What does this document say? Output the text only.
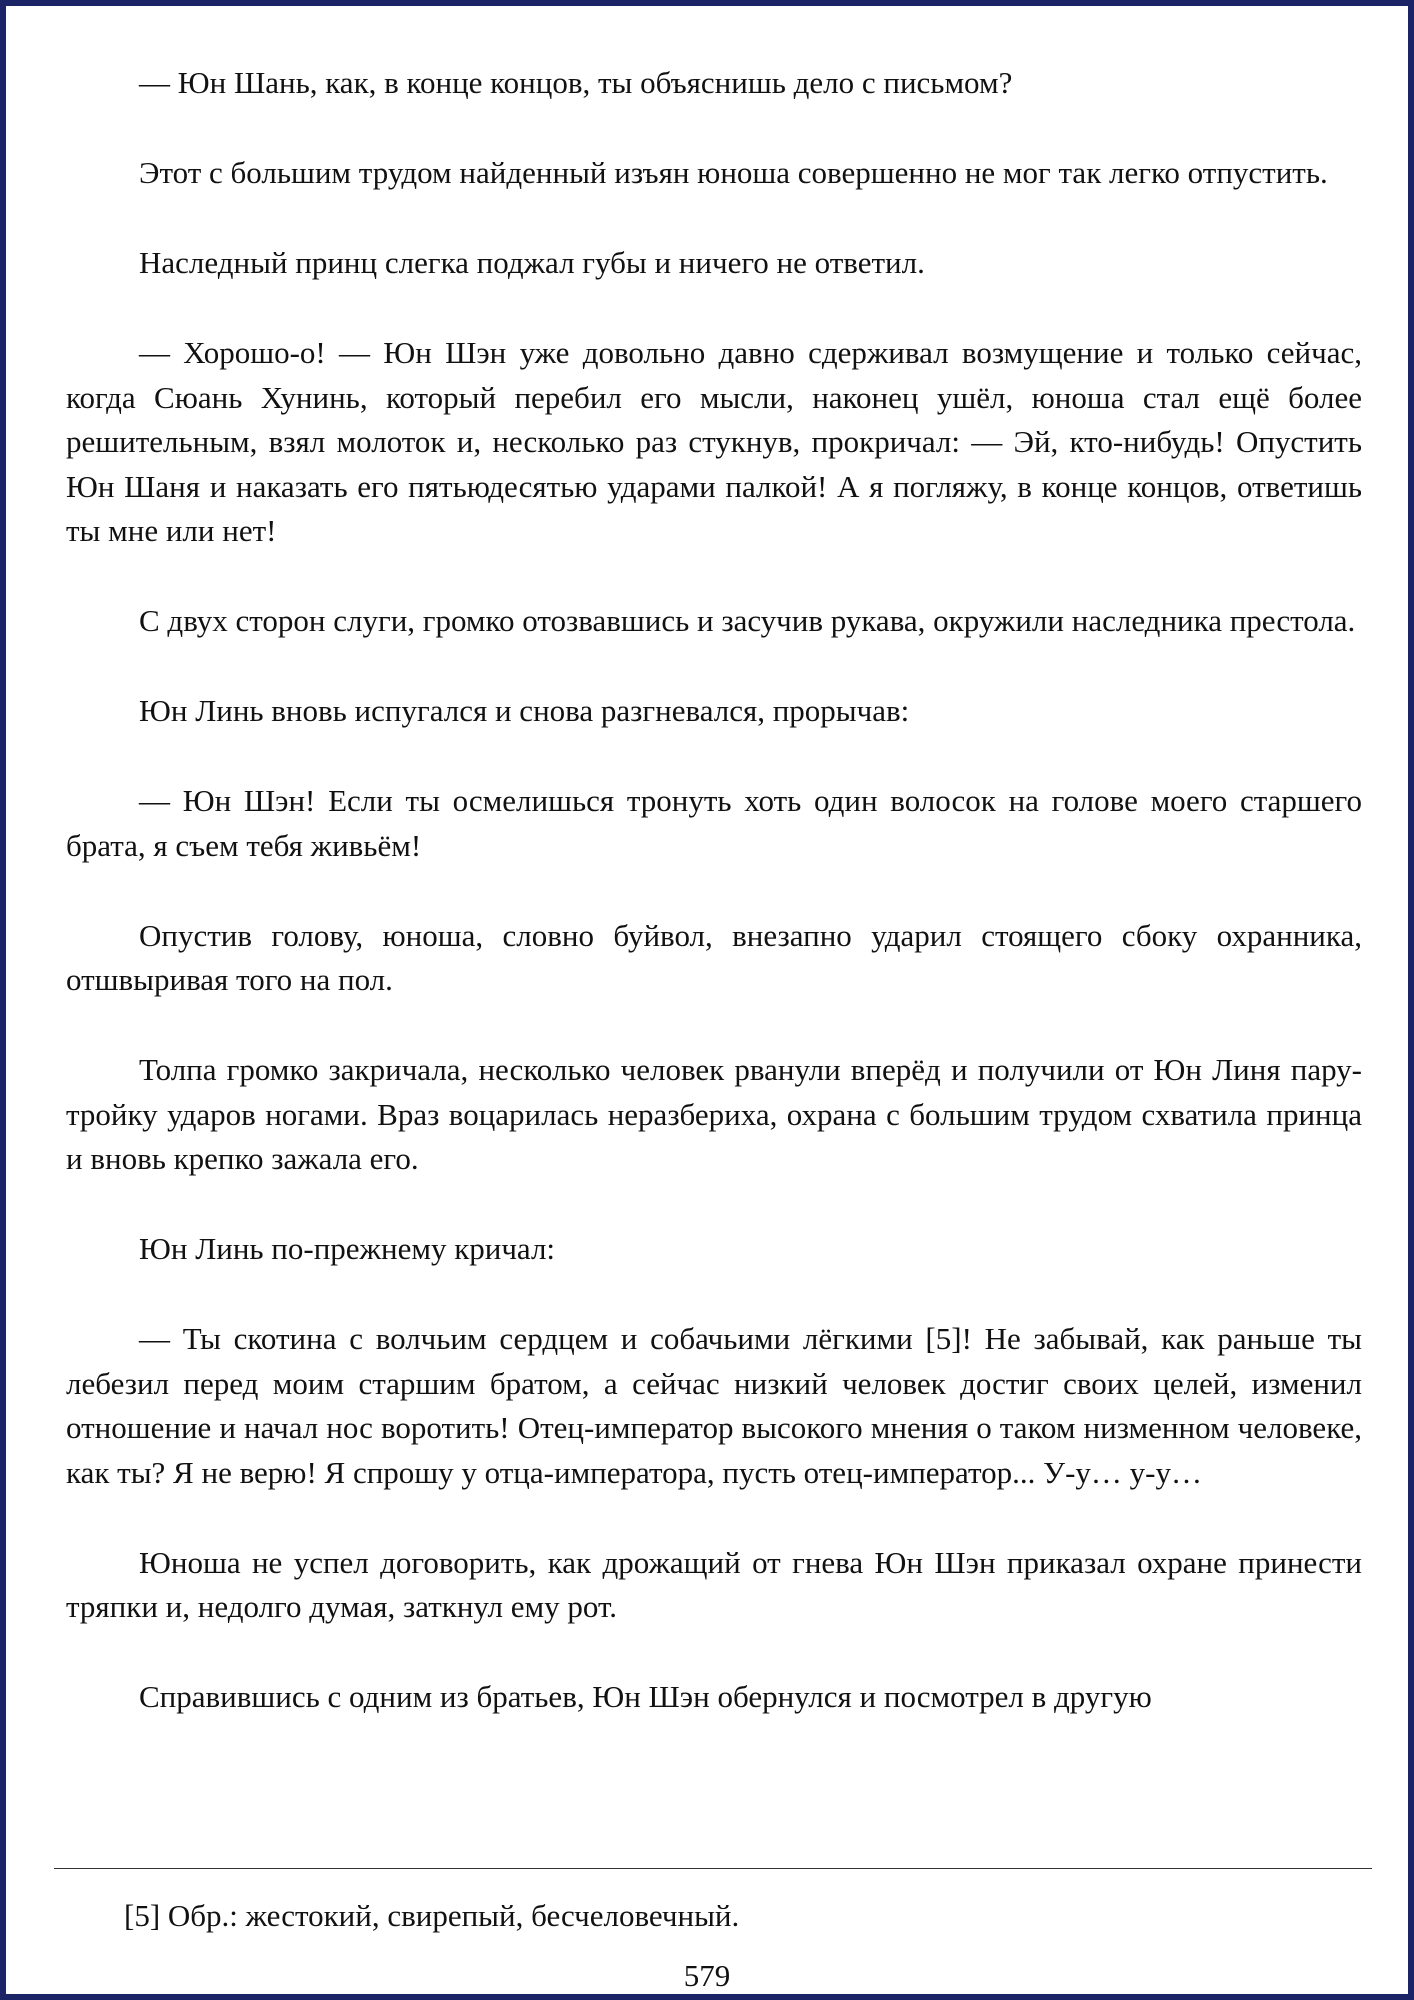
— Юн Шань, как, в конце концов, ты объяснишь дело с письмом?

Этот с большим трудом найденный изъян юноша совершенно не мог так легко отпустить.

Наследный принц слегка поджал губы и ничего не ответил.

— Хорошо-о! — Юн Шэн уже довольно давно сдерживал возмущение и только сейчас, когда Сюань Хунинь, который перебил его мысли, наконец ушёл, юноша стал ещё более решительным, взял молоток и, несколько раз стукнув, прокричал: — Эй, кто-нибудь! Опустить Юн Шаня и наказать его пятьюдесятью ударами палкой! А я погляжу, в конце концов, ответишь ты мне или нет!

С двух сторон слуги, громко отозвавшись и засучив рукава, окружили наследника престола.

Юн Линь вновь испугался и снова разгневался, прорычав:

— Юн Шэн! Если ты осмелишься тронуть хоть один волосок на голове моего старшего брата, я съем тебя живьём!

Опустив голову, юноша, словно буйвол, внезапно ударил стоящего сбоку охранника, отшвыривая того на пол.

Толпа громко закричала, несколько человек рванули вперёд и получили от Юн Линя пару-тройку ударов ногами. Враз воцарилась неразбериха, охрана с большим трудом схватила принца и вновь крепко зажала его.

Юн Линь по-прежнему кричал:

— Ты скотина с волчьим сердцем и собачьими лёгкими [5]! Не забывай, как раньше ты лебезил перед моим старшим братом, а сейчас низкий человек достиг своих целей, изменил отношение и начал нос воротить! Отец-император высокого мнения о таком низменном человеке, как ты? Я не верю! Я спрошу у отца-императора, пусть отец-император... У-у… у-у…

Юноша не успел договорить, как дрожащий от гнева Юн Шэн приказал охране принести тряпки и, недолго думая, заткнул ему рот.

Справившись с одним из братьев, Юн Шэн обернулся и посмотрел в другую

[5] Обр.: жестокий, свирепый, бесчеловечный.

579
